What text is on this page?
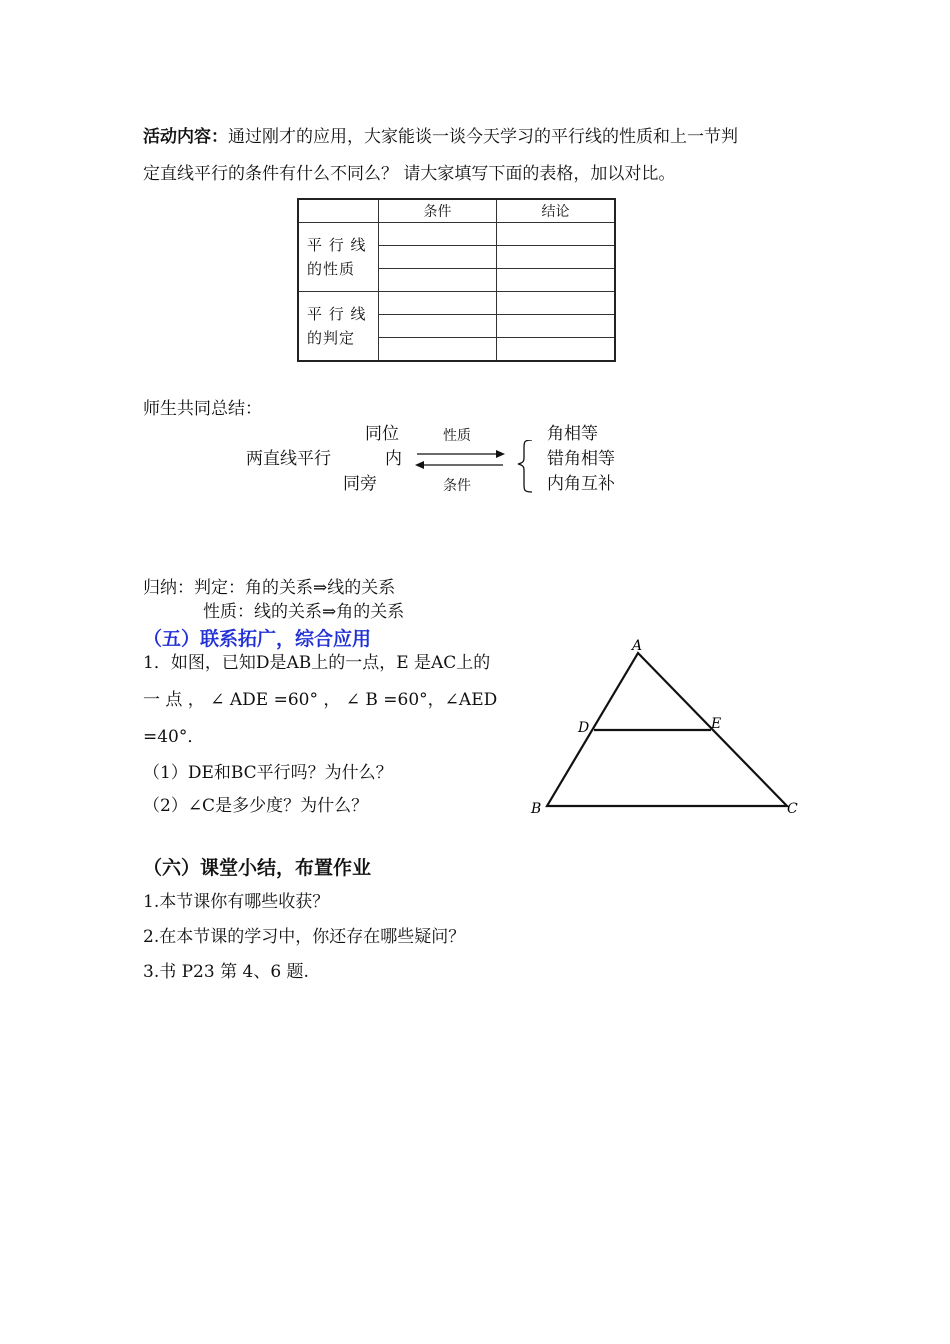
活动内容：通过刚才的应用，大家能谈一谈今天学习的平行线的性质和上一节判
定直线平行的条件有什么不同么？ 请大家填写下面的表格，加以对比。
	条件	结论

平 行 线
的性质		

平 行 线
的判定		

师生共同总结：
同位
两直线平行	内
同旁
性质
条件
角相等
错角相等
内角互补
归纳：判定：角的关系⇒线的关系
性质：线的关系⇒角的关系
（五）联系拓广，综合应用
1．如图，已知D是AB上的一点，E 是AC上的
一 点 ， ∠ ADE =60° ， ∠ B =60°，∠AED
=40°．
（1）DE和BC平行吗？为什么？
（2）∠C是多少度？为什么？
A
B	C
D	E
（六）课堂小结，布置作业
1.本节课你有哪些收获？
2.在本节课的学习中，你还存在哪些疑问？
3.书 P23 第 4、6 题.
